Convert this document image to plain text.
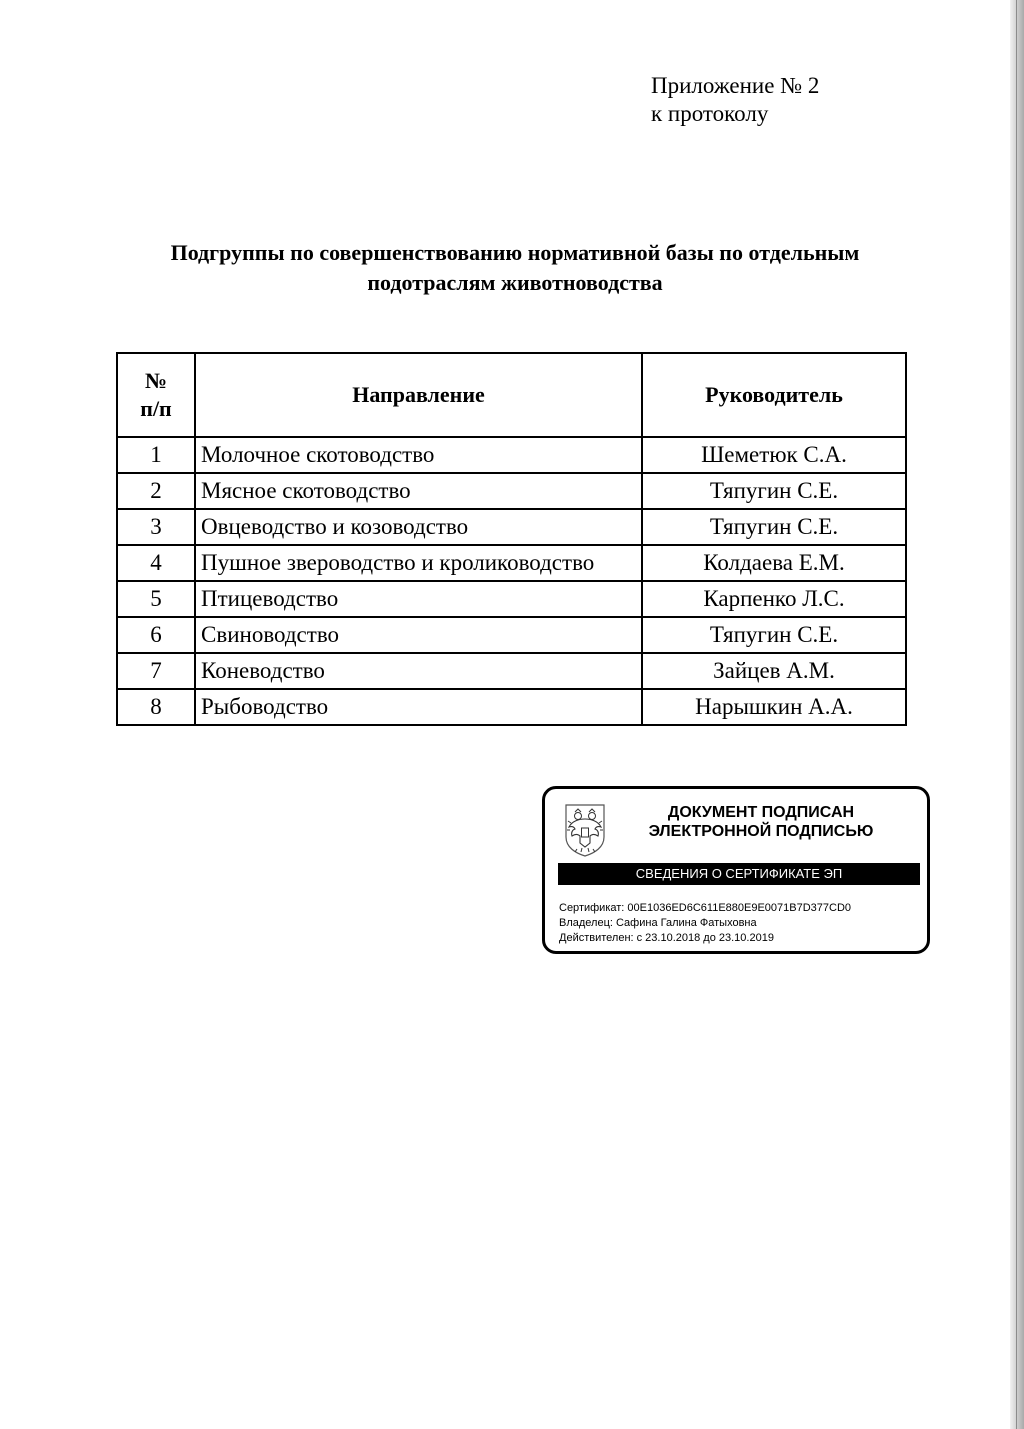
Приложение № 2
к протоколу
Подгруппы по совершенствованию нормативной базы по отдельным
подотраслям животноводства
№
п/п	Направление	Руководитель
1	Молочное скотоводство	Шеметюк С.А.
2	Мясное скотоводство	Тяпугин С.Е.
3	Овцеводство и козоводство	Тяпугин С.Е.
4	Пушное звероводство и кролиководство	Колдаева Е.М.
5	Птицеводство	Карпенко Л.С.
6	Свиноводство	Тяпугин С.Е.
7	Коневодство	Зайцев А.М.
8	Рыбоводство	Нарышкин А.А.
ДОКУМЕНТ ПОДПИСАН
ЭЛЕКТРОННОЙ ПОДПИСЬЮ
СВЕДЕНИЯ О СЕРТИФИКАТЕ ЭП
Сертификат: 00E1036ED6C611E880E9E0071B7D377CD0
Владелец: Сафина Галина Фатыховна
Действителен: с 23.10.2018 до 23.10.2019
